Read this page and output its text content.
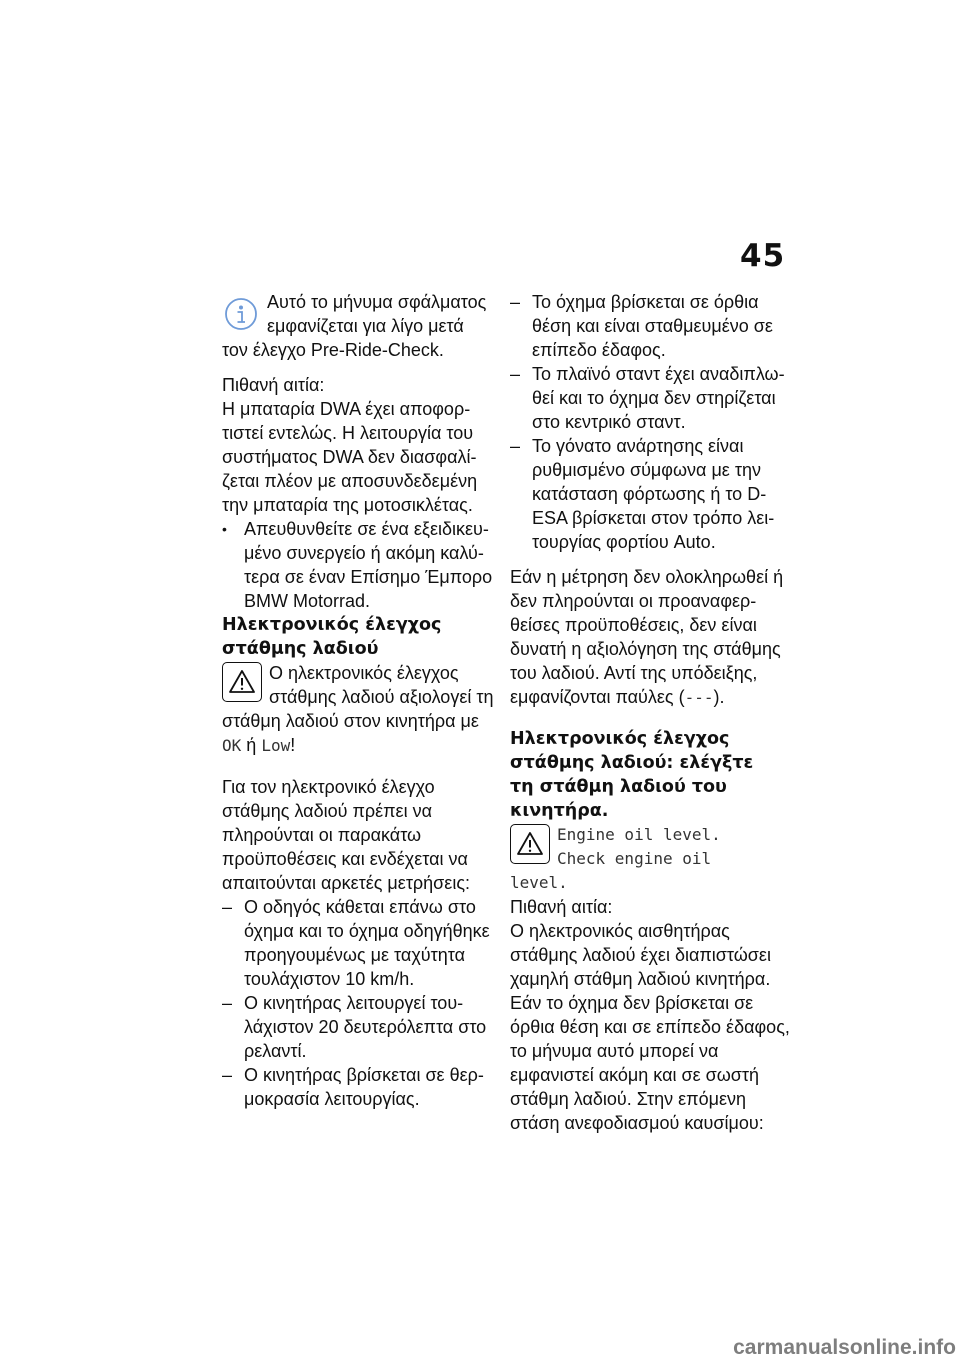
45

Αυτό το μήνυμα σφάλματος εμφανίζεται για λίγο μετά τον έλεγχο Pre-Ride-Check.

Πιθανή αιτία:

Η μπαταρία DWA έχει αποφορτιστεί εντελώς. Η λειτουργία του συστήματος DWA δεν διασφαλίζεται πλέον με αποσυνδεδεμένη την μπαταρία της μοτοσικλέτας.

• Απευθυνθείτε σε ένα εξειδικευμένο συνεργείο ή ακόμη καλύτερα σε έναν Επίσημο Έμπορο BMW Motorrad.

Ηλεκτρονικός έλεγχος

στάθμης λαδιού

Ο ηλεκτρονικός έλεγχος στάθμης λαδιού αξιολογεί τη στάθμη λαδιού στον κινητήρα με OK ή Low!

Για τον ηλεκτρονικό έλεγχο στάθμης λαδιού πρέπει να πληρούνται οι παρακάτω προϋποθέσεις και ενδέχεται να απαιτούνται αρκετές μετρήσεις:

– Ο οδηγός κάθεται επάνω στο όχημα και το όχημα οδηγήθηκε προηγουμένως με ταχύτητα τουλάχιστον 10 km/h.
– Ο κινητήρας λειτουργεί τουλάχιστον 20 δευτερόλεπτα στο ρελαντί.
– Ο κινητήρας βρίσκεται σε θερμοκρασία λειτουργίας.
– Το όχημα βρίσκεται σε όρθια θέση και είναι σταθμευμένο σε επίπεδο έδαφος.
– Το πλαϊνό σταντ έχει αναδιπλωθεί και το όχημα δεν στηρίζεται στο κεντρικό σταντ.
– Το γόνατο ανάρτησης είναι ρυθμισμένο σύμφωνα με την κατάσταση φόρτωσης ή το D-ESA βρίσκεται στον τρόπο λειτουργίας φορτίου Auto.

Εάν η μέτρηση δεν ολοκληρωθεί ή δεν πληρούνται οι προαναφερθείσες προϋποθέσεις, δεν είναι δυνατή η αξιολόγηση της στάθμης του λαδιού. Αντί της υπόδειξης, εμφανίζονται παύλες (---).

Ηλεκτρονικός έλεγχος

στάθμης λαδιού: ελέγξτε

τη στάθμη λαδιού του

κινητήρα.

Engine oil level.
Check engine oil
level.

Πιθανή αιτία:

Ο ηλεκτρονικός αισθητήρας στάθμης λαδιού έχει διαπιστώσει χαμηλή στάθμη λαδιού κινητήρα. Εάν το όχημα δεν βρίσκεται σε όρθια θέση και σε επίπεδο έδαφος, το μήνυμα αυτό μπορεί να εμφανιστεί ακόμη και σε σωστή στάθμη λαδιού. Στην επόμενη στάση ανεφοδιασμού καυσίμου:

carmanualsonline.info
